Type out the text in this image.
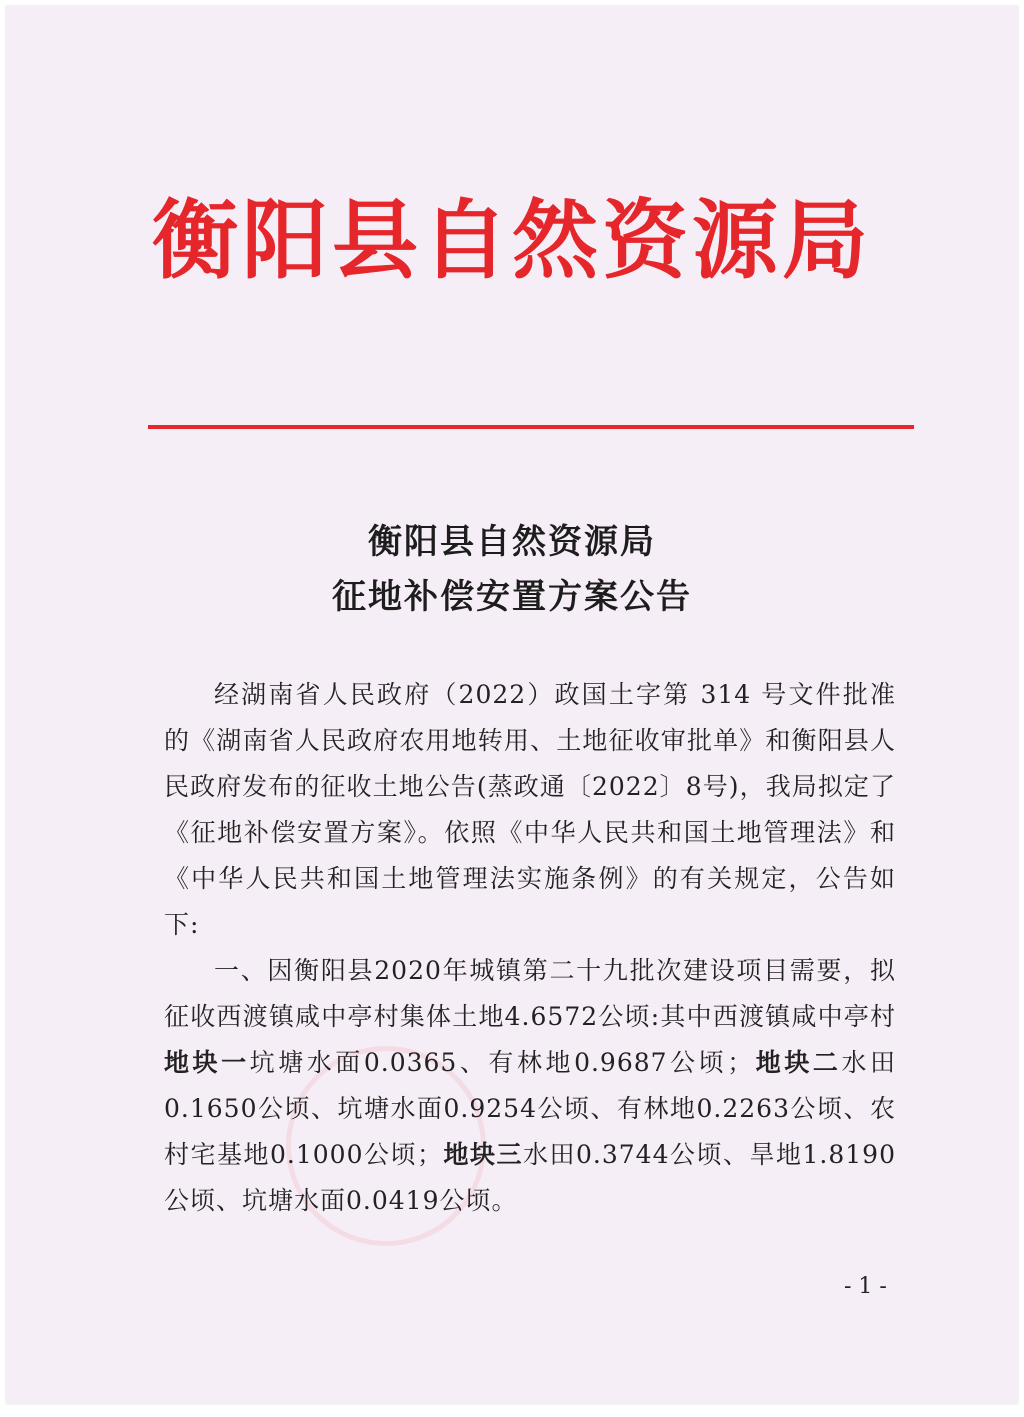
衡阳县自然资源局
衡阳县自然资源局
征地补偿安置方案公告

经湖南省人民政府（2022）政国土字第 314 号文件批准的《湖南省人民政府农用地转用、土地征收审批单》和衡阳县人民政府发布的征收土地公告(蒸政通〔2022〕8号)，我局拟定了《征地补偿安置方案》。依照《中华人民共和国土地管理法》和《中华人民共和国土地管理法实施条例》的有关规定，公告如下:

一、因衡阳县2020年城镇第二十九批次建设项目需要，拟征收西渡镇咸中亭村集体土地4.6572公顷:其中西渡镇咸中亭村地块一坑塘水面0.0365、有林地0.9687公顷；地块二水田0.1650公顷、坑塘水面0.9254公顷、有林地0.2263公顷、农村宅基地0.1000公顷；地块三水田0.3744公顷、旱地1.8190公顷、坑塘水面0.0419公顷。

- 1 -
